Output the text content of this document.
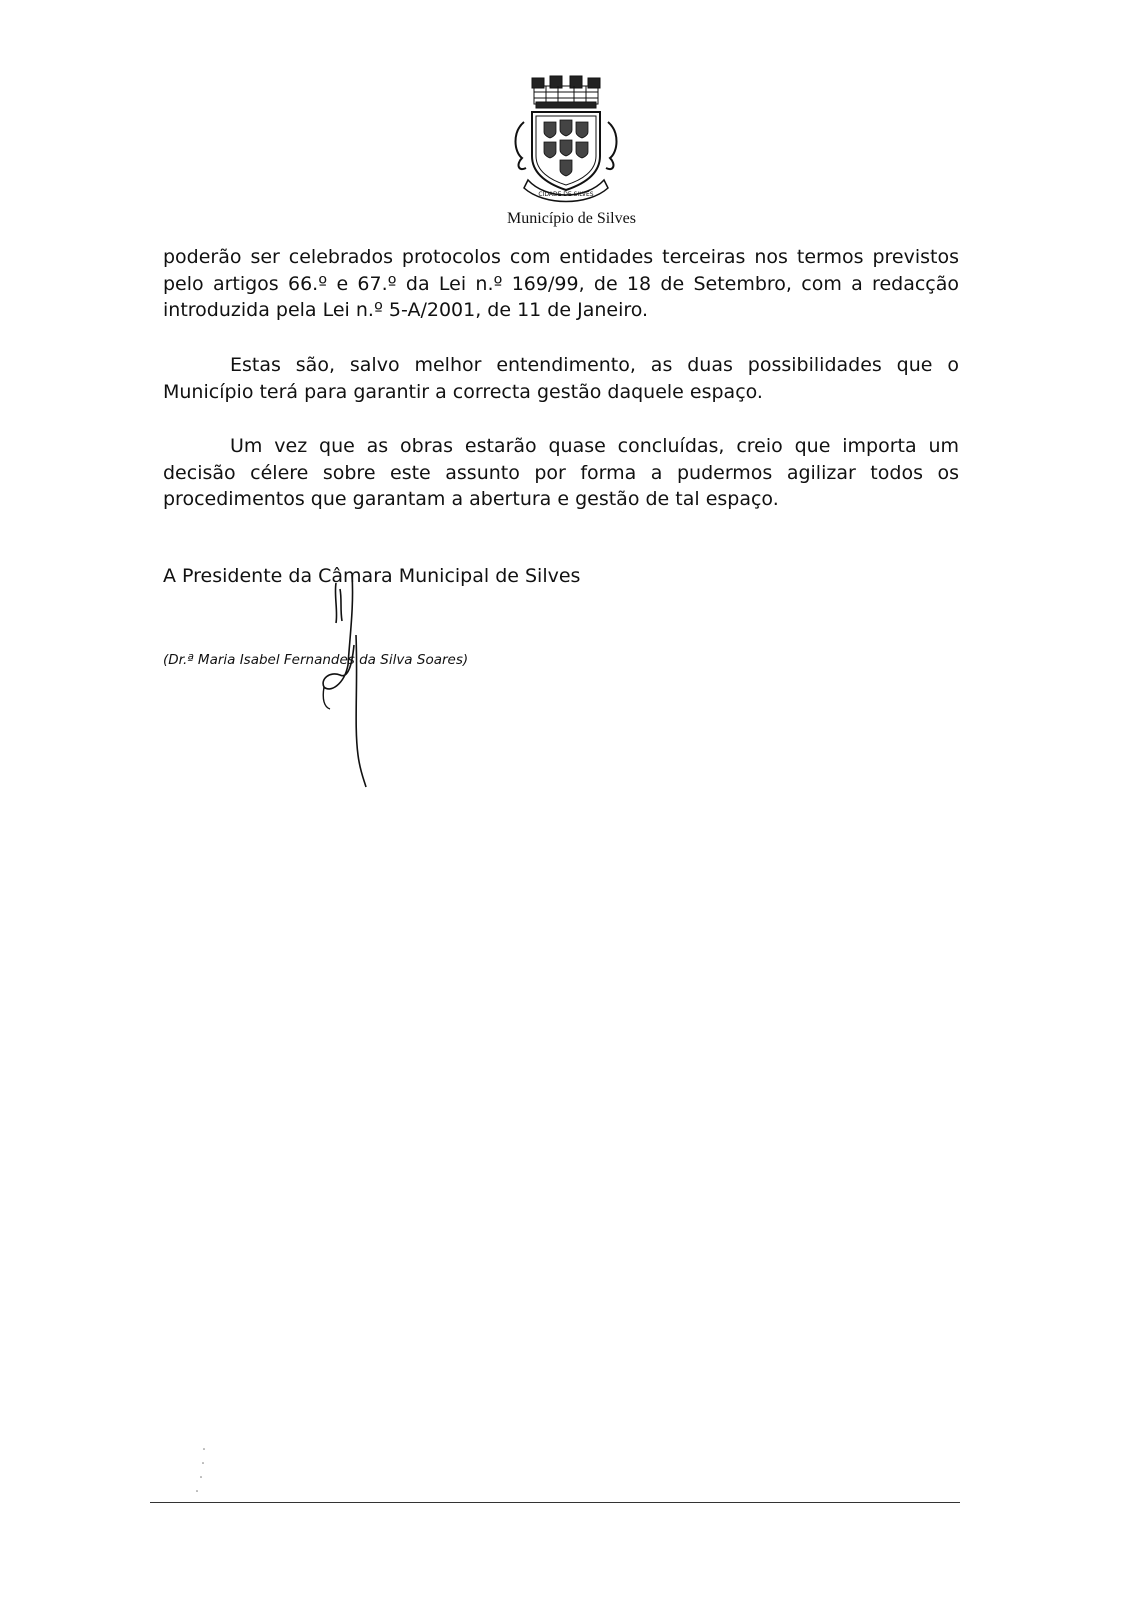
CIDADE DE SILVES
Município de Silves

poderão ser celebrados protocolos com entidades terceiras nos termos previstos pelo artigos 66.º e 67.º da Lei n.º 169/99, de 18 de Setembro, com a redacção introduzida pela Lei n.º 5-A/2001, de 11 de Janeiro.

Estas são, salvo melhor entendimento, as duas possibilidades que o Município terá para garantir a correcta gestão daquele espaço.

Um vez que as obras estarão quase concluídas, creio que importa um decisão célere sobre este assunto por forma a pudermos agilizar todos os procedimentos que garantam a abertura e gestão de tal espaço.

A Presidente da Câmara Municipal de Silves

(Dr.ª Maria Isabel Fernandes da Silva Soares)
